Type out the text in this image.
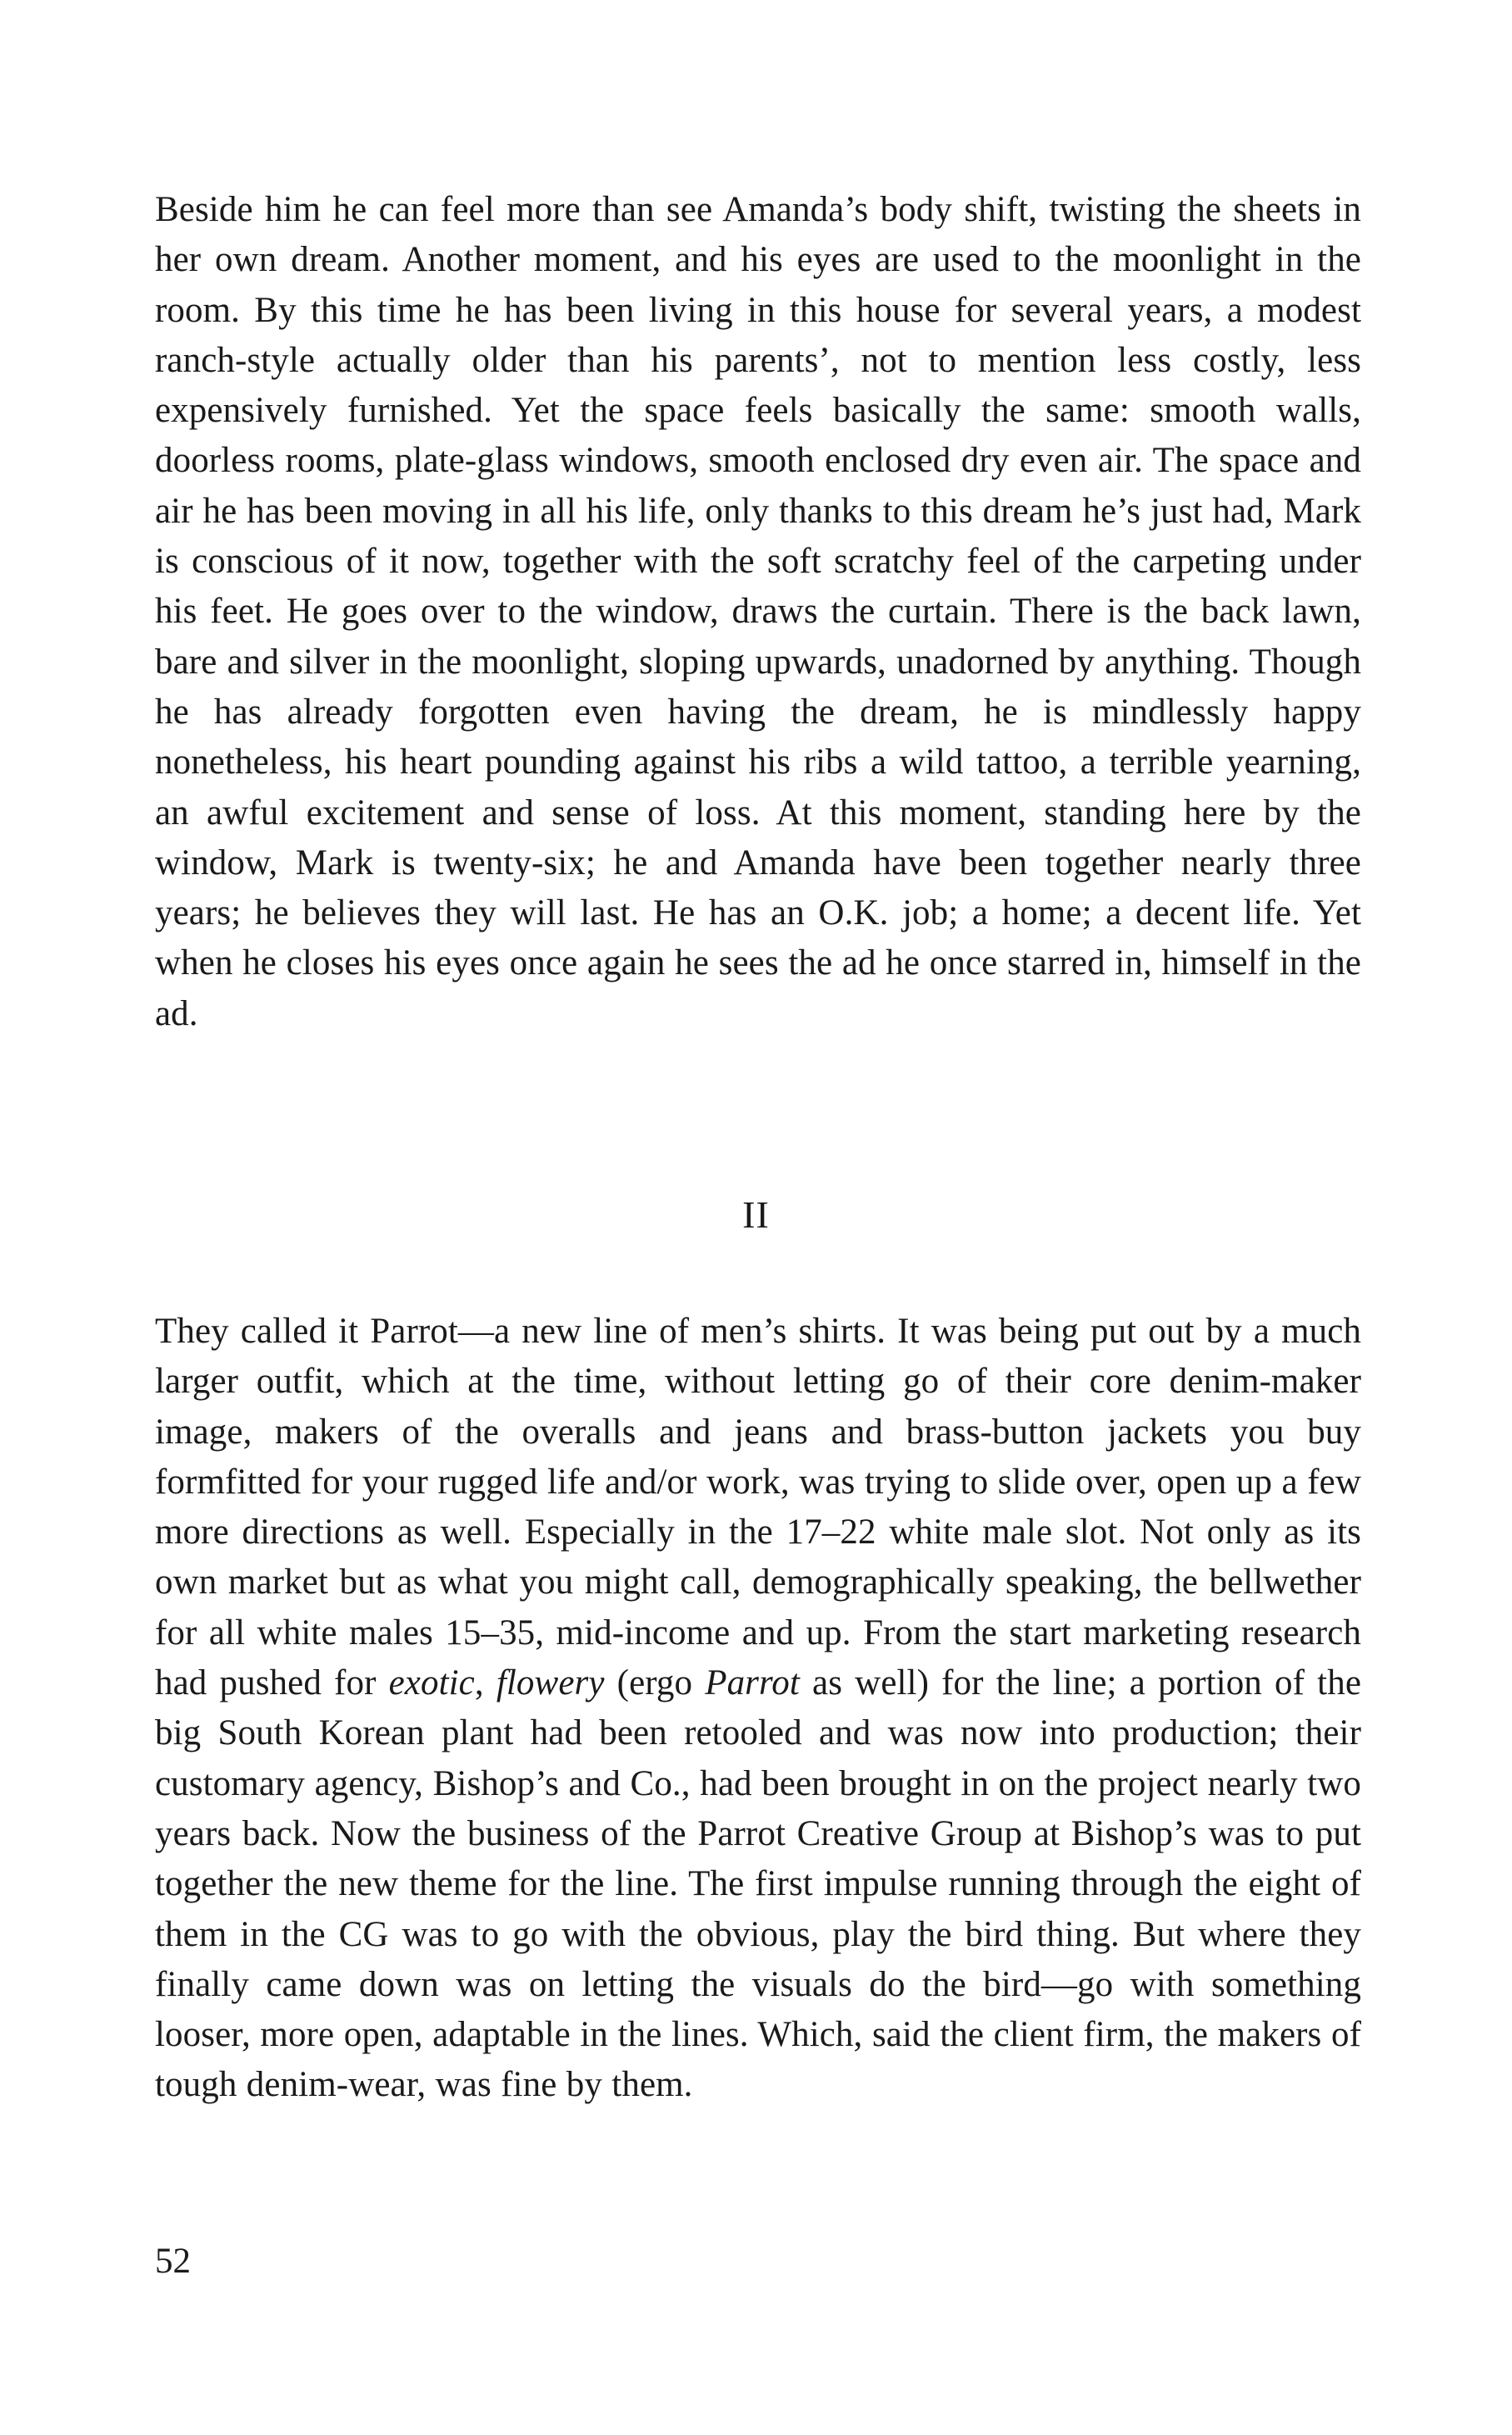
Beside him he can feel more than see Amanda’s body shift, twisting the sheets in her own dream. Another moment, and his eyes are used to the moonlight in the room. By this time he has been living in this house for several years, a modest ranch-style actually older than his parents’, not to mention less costly, less expensively furnished. Yet the space feels basically the same: smooth walls, doorless rooms, plate-glass windows, smooth enclosed dry even air. The space and air he has been moving in all his life, only thanks to this dream he’s just had, Mark is conscious of it now, together with the soft scratchy feel of the carpeting under his feet. He goes over to the window, draws the curtain. There is the back lawn, bare and silver in the moonlight, sloping upwards, unadorned by anything. Though he has already forgotten even having the dream, he is mindlessly happy nonetheless, his heart pounding against his ribs a wild tattoo, a terrible yearning, an awful excitement and sense of loss. At this moment, standing here by the window, Mark is twenty-six; he and Amanda have been together nearly three years; he believes they will last. He has an O.K. job; a home; a decent life. Yet when he closes his eyes once again he sees the ad he once starred in, himself in the ad.

II

They called it Parrot—a new line of men’s shirts. It was being put out by a much larger outfit, which at the time, without letting go of their core denim-maker image, makers of the overalls and jeans and brass-button jackets you buy formfitted for your rugged life and/or work, was trying to slide over, open up a few more directions as well. Especially in the 17–22 white male slot. Not only as its own market but as what you might call, demographically speaking, the bellwether for all white males 15–35, mid-income and up. From the start marketing research had pushed for exotic, flowery (ergo Parrot as well) for the line; a portion of the big South Korean plant had been retooled and was now into production; their customary agency, Bishop’s and Co., had been brought in on the project nearly two years back. Now the business of the Parrot Creative Group at Bishop’s was to put together the new theme for the line. The first impulse running through the eight of them in the CG was to go with the obvious, play the bird thing. But where they finally came down was on letting the visuals do the bird—go with something looser, more open, adaptable in the lines. Which, said the client firm, the makers of tough denim-wear, was fine by them.

52
